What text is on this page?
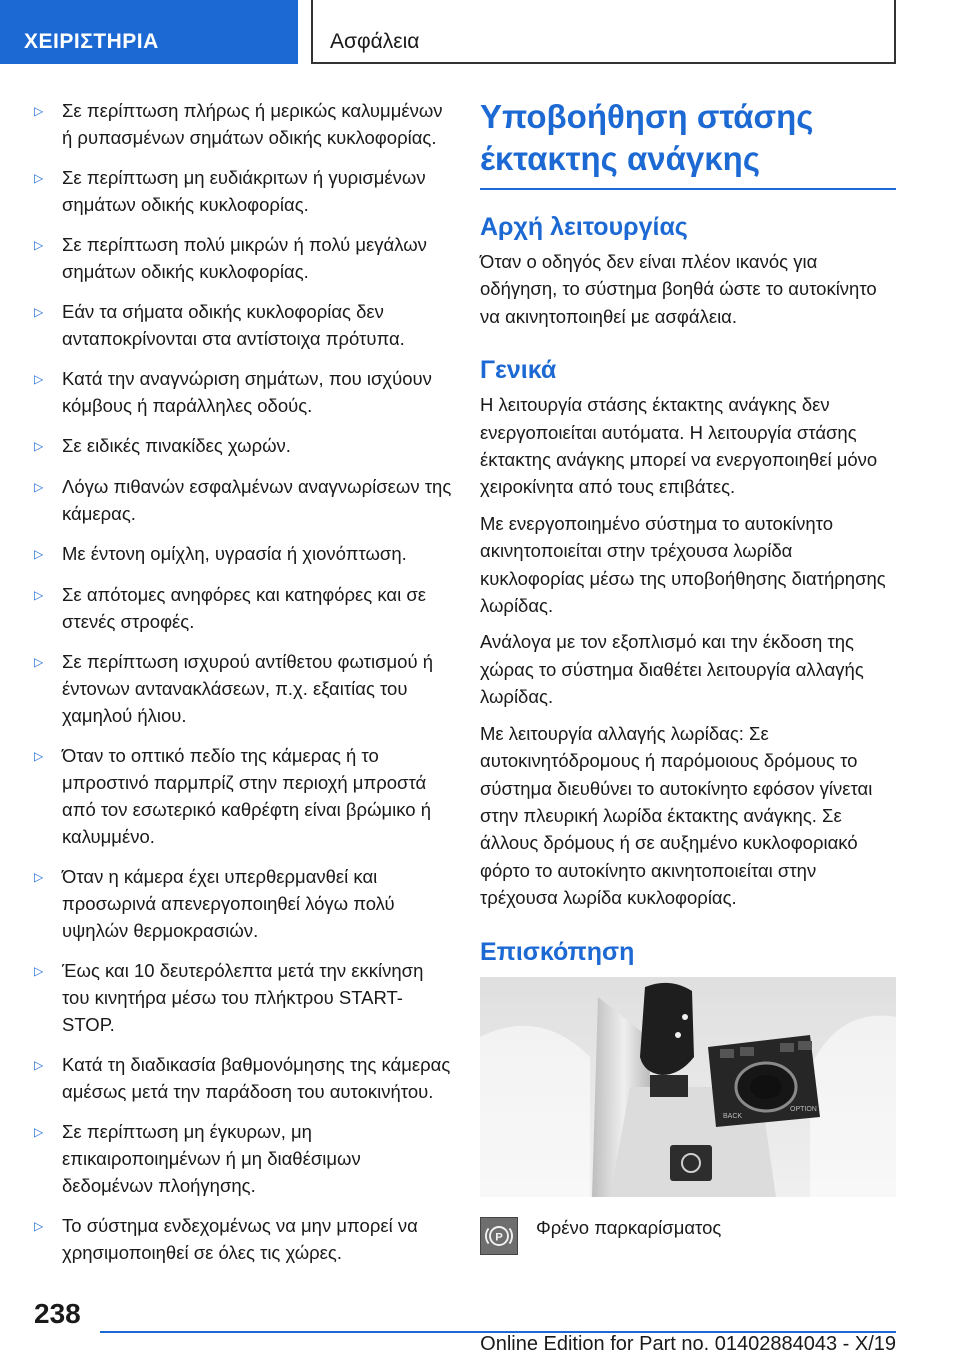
ΧΕΙΡΙΣΤΗΡΙΑ	Ασφάλεια
▷	Σε περίπτωση πλήρως ή μερικώς καλυμμένων ή ρυπασμένων σημάτων οδικής κυκλοφορίας.
▷	Σε περίπτωση μη ευδιάκριτων ή γυρισμένων σημάτων οδικής κυκλοφορίας.
▷	Σε περίπτωση πολύ μικρών ή πολύ μεγάλων σημάτων οδικής κυκλοφορίας.
▷	Εάν τα σήματα οδικής κυκλοφορίας δεν ανταποκρίνονται στα αντίστοιχα πρότυπα.
▷	Κατά την αναγνώριση σημάτων, που ισχύουν κόμβους ή παράλληλες οδούς.
▷	Σε ειδικές πινακίδες χωρών.
▷	Λόγω πιθανών εσφαλμένων αναγνωρίσεων της κάμερας.
▷	Με έντονη ομίχλη, υγρασία ή χιονόπτωση.
▷	Σε απότομες ανηφόρες και κατηφόρες και σε στενές στροφές.
▷	Σε περίπτωση ισχυρού αντίθετου φωτισμού ή έντονων αντανακλάσεων, π.χ. εξαιτίας του χαμηλού ήλιου.
▷	Όταν το οπτικό πεδίο της κάμερας ή το μπροστινό παρμπρίζ στην περιοχή μπροστά από τον εσωτερικό καθρέφτη είναι βρώμικο ή καλυμμένο.
▷	Όταν η κάμερα έχει υπερθερμανθεί και προσωρινά απενεργοποιηθεί λόγω πολύ υψηλών θερμοκρασιών.
▷	Έως και 10 δευτερόλεπτα μετά την εκκίνηση του κινητήρα μέσω του πλήκτρου START-STOP.
▷	Κατά τη διαδικασία βαθμονόμησης της κάμερας αμέσως μετά την παράδοση του αυτοκινήτου.
▷	Σε περίπτωση μη έγκυρων, μη επικαιροποιημένων ή μη διαθέσιμων δεδομένων πλοήγησης.
▷	Το σύστημα ενδεχομένως να μην μπορεί να χρησιμοποιηθεί σε όλες τις χώρες.
Υποβοήθηση στάσης
έκτακτης ανάγκης
Αρχή λειτουργίας

Όταν ο οδηγός δεν είναι πλέον ικανός για οδήγηση, το σύστημα βοηθά ώστε το αυτοκίνητο να ακινητοποιηθεί με ασφάλεια.

Γενικά

Η λειτουργία στάσης έκτακτης ανάγκης δεν ενεργοποιείται αυτόματα. Η λειτουργία στάσης έκτακτης ανάγκης μπορεί να ενεργοποιηθεί μόνο χειροκίνητα από τους επιβάτες.

Με ενεργοποιημένο σύστημα το αυτοκίνητο ακινητοποιείται στην τρέχουσα λωρίδα κυκλοφορίας μέσω της υποβοήθησης διατήρησης λωρίδας.

Ανάλογα με τον εξοπλισμό και την έκδοση της χώρας το σύστημα διαθέτει λειτουργία αλλαγής λωρίδας.

Με λειτουργία αλλαγής λωρίδας: Σε αυτοκινητόδρομους ή παρόμοιους δρόμους το σύστημα διευθύνει το αυτοκίνητο εφόσον γίνεται στην πλευρική λωρίδα έκτακτης ανάγκης. Σε άλλους δρόμους ή σε αυξημένο κυκλοφοριακό φόρτο το αυτοκίνητο ακινητοποιείται στην τρέχουσα λωρίδα κυκλοφορίας.

Επισκόπηση
BACK
OPTION
P Φρένο παρκαρίσματος
238
Online Edition for Part no. 01402884043 - X/19
